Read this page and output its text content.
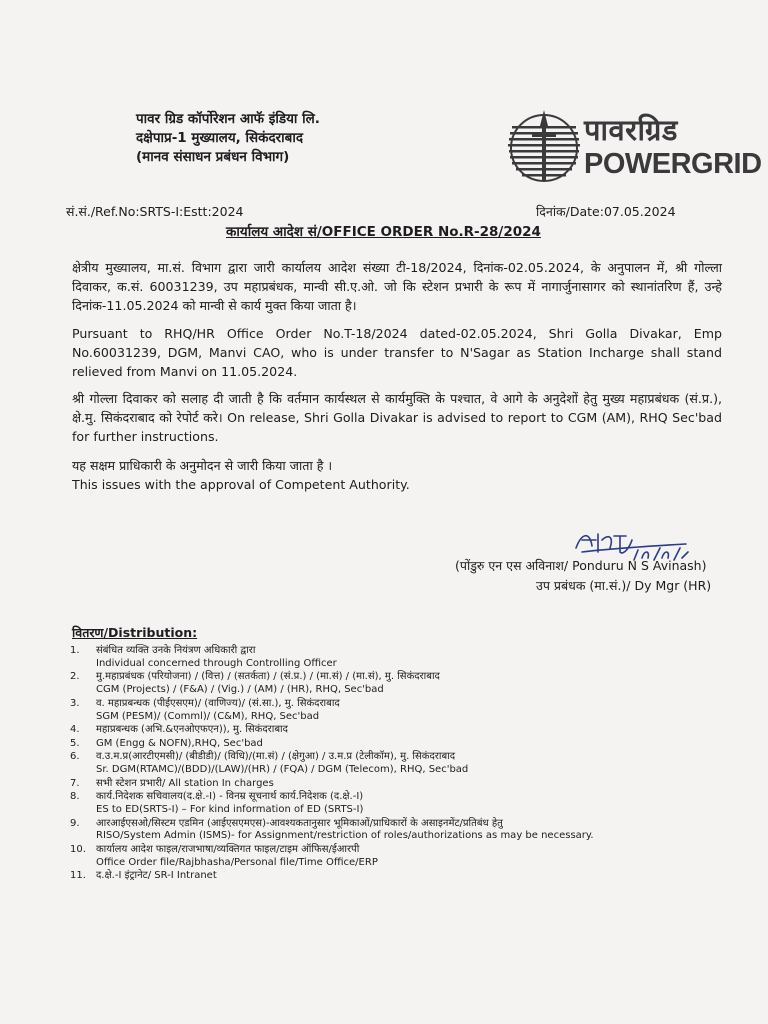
पावर ग्रिड कॉर्पोरेशन आफॅ इंडिया लि.
दक्षेपाप्र-1 मुख्यालय, सिकंदराबाद
(मानव संसाधन प्रबंधन विभाग)
पावरग्रिड
POWERGRID
सं.सं./Ref.No:SRTS-I:Estt:2024	दिनांक/Date:07.05.2024
कार्यालय आदेश सं/OFFICE ORDER No.R-28/2024
क्षेत्रीय मुख्यालय, मा.सं. विभाग द्वारा जारी कार्यालय आदेश संख्या टी-18/2024, दिनांक-02.05.2024, के अनुपालन में, श्री गोल्ला दिवाकर, क.सं. 60031239, उप महाप्रबंधक, मान्वी सी.ए.ओ. जो कि स्टेशन प्रभारी के रूप में नागार्जुनासागर को स्थानांतरिण हैं, उन्हे दिनांक-11.05.2024 को मान्वी से कार्य मुक्त किया जाता है।
Pursuant to RHQ/HR Office Order No.T-18/2024 dated-02.05.2024, Shri Golla Divakar, Emp No.60031239, DGM, Manvi CAO, who is under transfer to N'Sagar as Station Incharge shall stand relieved from Manvi on 11.05.2024.
श्री गोल्ला दिवाकर को सलाह दी जाती है कि वर्तमान कार्यस्थल से कार्यमुक्ति के पश्चात, वे आगे के अनुदेशों हेतु मुख्य महाप्रबंधक (सं.प्र.), क्षे.मु. सिकंदराबाद को रेपोर्ट करे। On release, Shri Golla Divakar is advised to report to CGM (AM), RHQ Sec'bad for further instructions.
यह सक्षम प्राधिकारी के अनुमोदन से जारी किया जाता है ।
This issues with the approval of Competent Authority.
(पोंडुरु एन एस अविनाश/ Ponduru N S Avinash)
उप प्रबंधक (मा.सं.)/ Dy Mgr (HR)
वितरण/Distribution:
1. संबंधित व्यक्ति उनके नियंत्रण अधिकारी द्वारा
Individual concerned through Controlling Officer
2. मु.महाप्रबंधक (परियोजना) / (वित्त) / (सतर्कता) / (सं.प्र.) / (मा.सं) / (मा.सं), मु. सिकंदराबाद
CGM (Projects) / (F&A) / (Vig.) / (AM) / (HR), RHQ, Sec'bad
3. व. महाप्रबन्धक (पीईएसएम)/ (वाणिज्य)/ (सं.सा.), मु. सिकंदराबाद
SGM (PESM)/ (Comml)/ (C&M), RHQ, Sec'bad
4. महाप्रबन्धक (अभि.&एनओएफएन)), मु. सिकंदराबाद
5. GM (Engg & NOFN),RHQ, Sec'bad
6. व.उ.म.प्र(आरटीएमसी)/ (बीडीडी)/ (विधि)/(मा.सं) / (क्षेगुआ) / उ.म.प्र (टेलीकॉम), मु. सिकंदराबाद
Sr. DGM(RTAMC)/(BDD)/(LAW)/(HR) / (FQA) / DGM (Telecom), RHQ, Sec'bad
7. सभी स्टेशन प्रभारी/ All station In charges
8. कार्य.निदेशक सचिवालय(द.क्षे.-I) - विनम्र सूचनार्थ कार्य.निदेशक (द.क्षे.-I)
ES to ED(SRTS-I) – For kind information of ED (SRTS-I)
9. आरआईएसओ/सिस्टम एडमिन (आईएसएमएस)-आवश्यकतानुसार भूमिकाओं/प्राधिकारों के असाइनमेंट/प्रतिबंध हेतु
RISO/System Admin (ISMS)- for Assignment/restriction of roles/authorizations as may be necessary.
10. कार्यालय आदेश फाइल/राजभाषा/व्यक्तिगत फाइल/टाइम ऑफिस/ईआरपी
Office Order file/Rajbhasha/Personal file/Time Office/ERP
11. द.क्षे.-I इंट्रानेट/ SR-I Intranet
